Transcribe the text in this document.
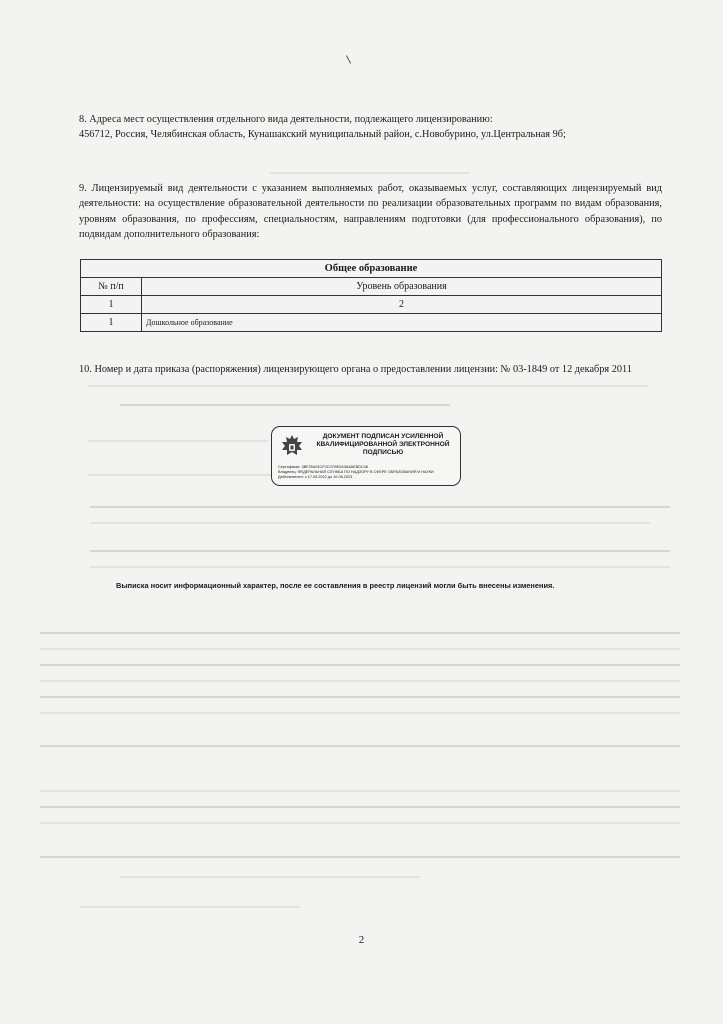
8. Адреса мест осуществления отдельного вида деятельности, подлежащего лицензированию:
456712, Россия, Челябинская область, Кунашакский муниципальный район, с.Новобурино, ул.Центральная 9б;
9. Лицензируемый вид деятельности с указанием выполняемых работ, оказываемых услуг, составляющих лицензируемый вид деятельности: на осуществление образовательной деятельности по реализации образовательных программ по видам образования, уровням образования, по профессиям, специальностям, направлениям подготовки (для профессионального образования), по подвидам дополнительного образования:
Общее образование	
№ п/п	Уровень образования
1	2
1	Дошкольное образование
10. Номер и дата приказа (распоряжения) лицензирующего органа о предоставлении лицензии: № 03-1849 от 12 декабря 2011
ДОКУМЕНТ ПОДПИСАН УСИЛЕННОЙ КВАЛИФИЦИРОВАННОЙ ЭЛЕКТРОННОЙ ПОДПИСЬЮ
Сертификат: 3BF25A91CF0CCF8E0A3A6AEBDC48
Владелец: ФЕДЕРАЛЬНАЯ СЛУЖБА ПО НАДЗОРУ В СФЕРЕ ОБРАЗОВАНИЯ И НАУКИ
Действителен: с 17.05.2022 до 10.08.2023
Выписка носит информационный характер, после ее составления в реестр лицензий могли быть внесены изменения.
2
